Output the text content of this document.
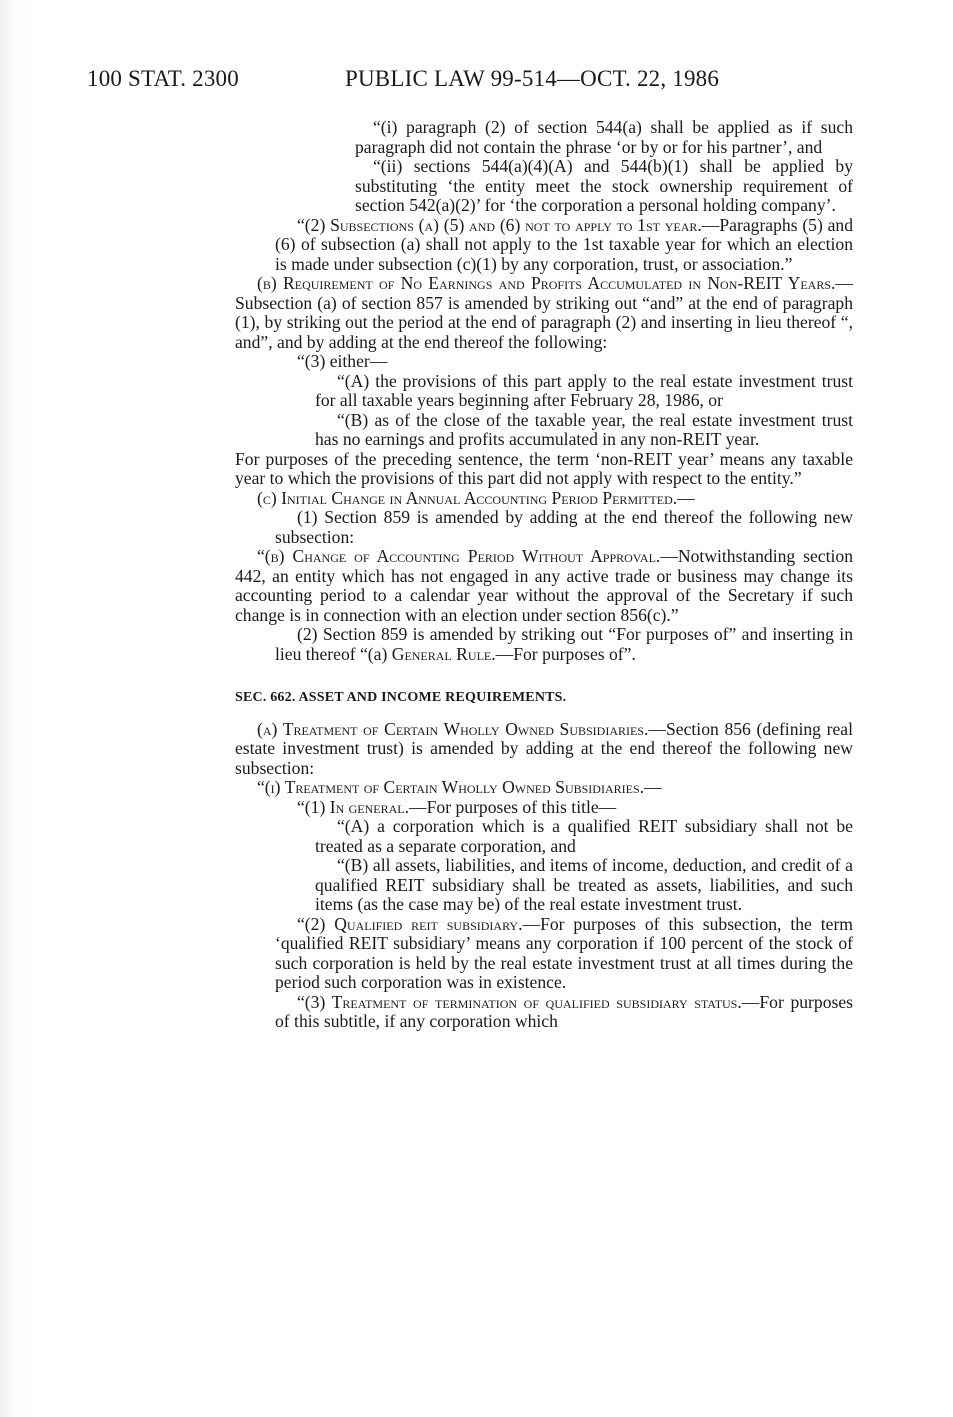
100 STAT. 2300	PUBLIC LAW 99-514—OCT. 22, 1986

“(i) paragraph (2) of section 544(a) shall be applied as if such paragraph did not contain the phrase ‘or by or for his partner’, and

“(ii) sections 544(a)(4)(A) and 544(b)(1) shall be applied by substituting ‘the entity meet the stock ownership requirement of section 542(a)(2)’ for ‘the corporation a personal holding company’.

“(2) Subsections (a) (5) and (6) not to apply to 1st year.—Paragraphs (5) and (6) of subsection (a) shall not apply to the 1st taxable year for which an election is made under subsection (c)(1) by any corporation, trust, or association.”

(b) Requirement of No Earnings and Profits Accumulated in Non-REIT Years.—Subsection (a) of section 857 is amended by striking out “and” at the end of paragraph (1), by striking out the period at the end of paragraph (2) and inserting in lieu thereof “, and”, and by adding at the end thereof the following:

“(3) either—

“(A) the provisions of this part apply to the real estate investment trust for all taxable years beginning after February 28, 1986, or

“(B) as of the close of the taxable year, the real estate investment trust has no earnings and profits accumulated in any non-REIT year.

For purposes of the preceding sentence, the term ‘non-REIT year’ means any taxable year to which the provisions of this part did not apply with respect to the entity.”

(c) Initial Change in Annual Accounting Period Permitted.—

(1) Section 859 is amended by adding at the end thereof the following new subsection:

“(b) Change of Accounting Period Without Approval.—Notwithstanding section 442, an entity which has not engaged in any active trade or business may change its accounting period to a calendar year without the approval of the Secretary if such change is in connection with an election under section 856(c).”

(2) Section 859 is amended by striking out “For purposes of” and inserting in lieu thereof “(a) General Rule.—For purposes of”.

SEC. 662. ASSET AND INCOME REQUIREMENTS.

(a) Treatment of Certain Wholly Owned Subsidiaries.—Section 856 (defining real estate investment trust) is amended by adding at the end thereof the following new subsection:

“(i) Treatment of Certain Wholly Owned Subsidiaries.—

“(1) In general.—For purposes of this title—

“(A) a corporation which is a qualified REIT subsidiary shall not be treated as a separate corporation, and

“(B) all assets, liabilities, and items of income, deduction, and credit of a qualified REIT subsidiary shall be treated as assets, liabilities, and such items (as the case may be) of the real estate investment trust.

“(2) Qualified reit subsidiary.—For purposes of this subsection, the term ‘qualified REIT subsidiary’ means any corporation if 100 percent of the stock of such corporation is held by the real estate investment trust at all times during the period such corporation was in existence.

“(3) Treatment of termination of qualified subsidiary status.—For purposes of this subtitle, if any corporation which
